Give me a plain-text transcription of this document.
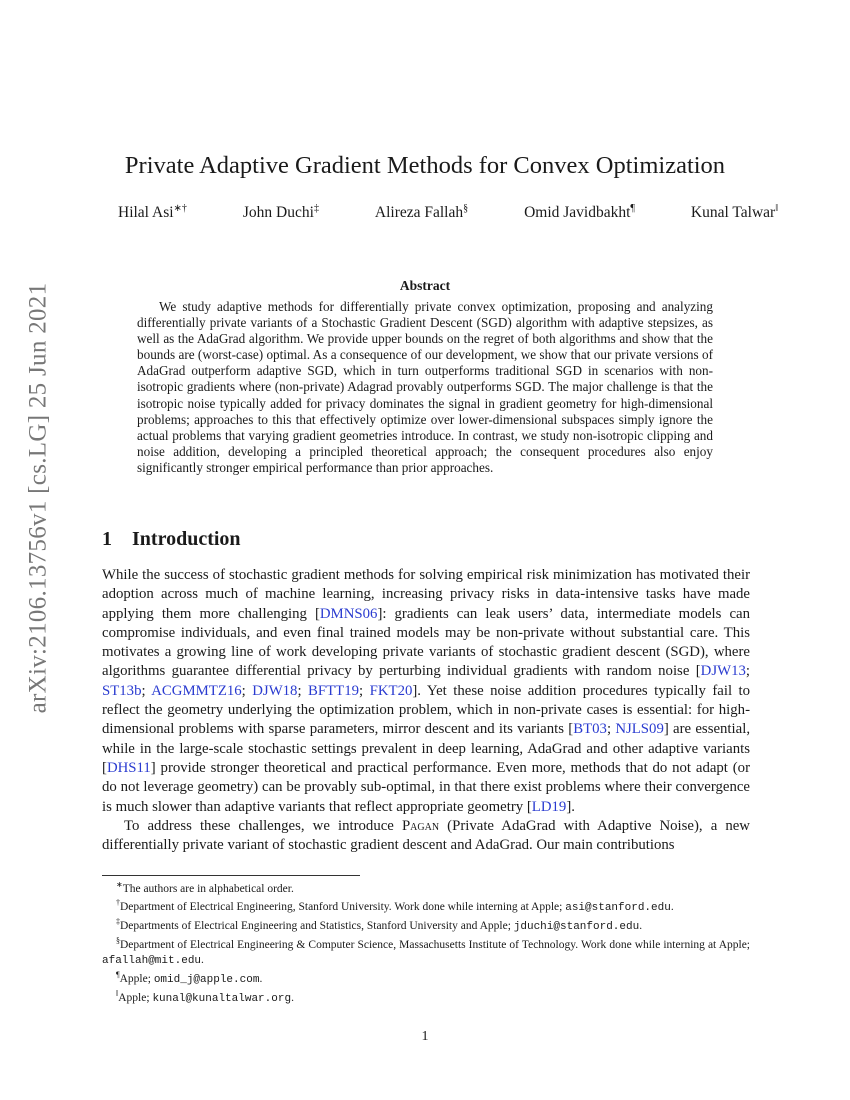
arXiv:2106.13756v1 [cs.LG] 25 Jun 2021
Private Adaptive Gradient Methods for Convex Optimization
Hilal Asi∗†	John Duchi‡	Alireza Fallah§	Omid Javidbakht¶	Kunal Talwar‖
Abstract
We study adaptive methods for differentially private convex optimization, proposing and analyzing differentially private variants of a Stochastic Gradient Descent (SGD) algorithm with adaptive stepsizes, as well as the AdaGrad algorithm. We provide upper bounds on the regret of both algorithms and show that the bounds are (worst-case) optimal. As a consequence of our development, we show that our private versions of AdaGrad outperform adaptive SGD, which in turn outperforms traditional SGD in scenarios with non-isotropic gradients where (non-private) Adagrad provably outperforms SGD. The major challenge is that the isotropic noise typically added for privacy dominates the signal in gradient geometry for high-dimensional problems; approaches to this that effectively optimize over lower-dimensional subspaces simply ignore the actual problems that varying gradient geometries introduce. In contrast, we study non-isotropic clipping and noise addition, developing a principled theoretical approach; the consequent procedures also enjoy significantly stronger empirical performance than prior approaches.
1 Introduction

While the success of stochastic gradient methods for solving empirical risk minimization has motivated their adoption across much of machine learning, increasing privacy risks in data-intensive tasks have made applying them more challenging [DMNS06]: gradients can leak users’ data, intermediate models can compromise individuals, and even final trained models may be non-private without substantial care. This motivates a growing line of work developing private variants of stochastic gradient descent (SGD), where algorithms guarantee differential privacy by perturbing individual gradients with random noise [DJW13; ST13b; ACGMMTZ16; DJW18; BFTT19; FKT20]. Yet these noise addition procedures typically fail to reflect the geometry underlying the optimization problem, which in non-private cases is essential: for high-dimensional problems with sparse parameters, mirror descent and its variants [BT03; NJLS09] are essential, while in the large-scale stochastic settings prevalent in deep learning, AdaGrad and other adaptive variants [DHS11] provide stronger theoretical and practical performance. Even more, methods that do not adapt (or do not leverage geometry) can be provably sub-optimal, in that there exist problems where their convergence is much slower than adaptive variants that reflect appropriate geometry [LD19].

To address these challenges, we introduce Pagan (Private AdaGrad with Adaptive Noise), a new differentially private variant of stochastic gradient descent and AdaGrad. Our main contributions

∗The authors are in alphabetical order.

†Department of Electrical Engineering, Stanford University. Work done while interning at Apple; asi@stanford.edu.

‡Departments of Electrical Engineering and Statistics, Stanford University and Apple; jduchi@stanford.edu.

§Department of Electrical Engineering & Computer Science, Massachusetts Institute of Technology. Work done while interning at Apple; afallah@mit.edu.

¶Apple; omid_j@apple.com.

‖Apple; kunal@kunaltalwar.org.

1
